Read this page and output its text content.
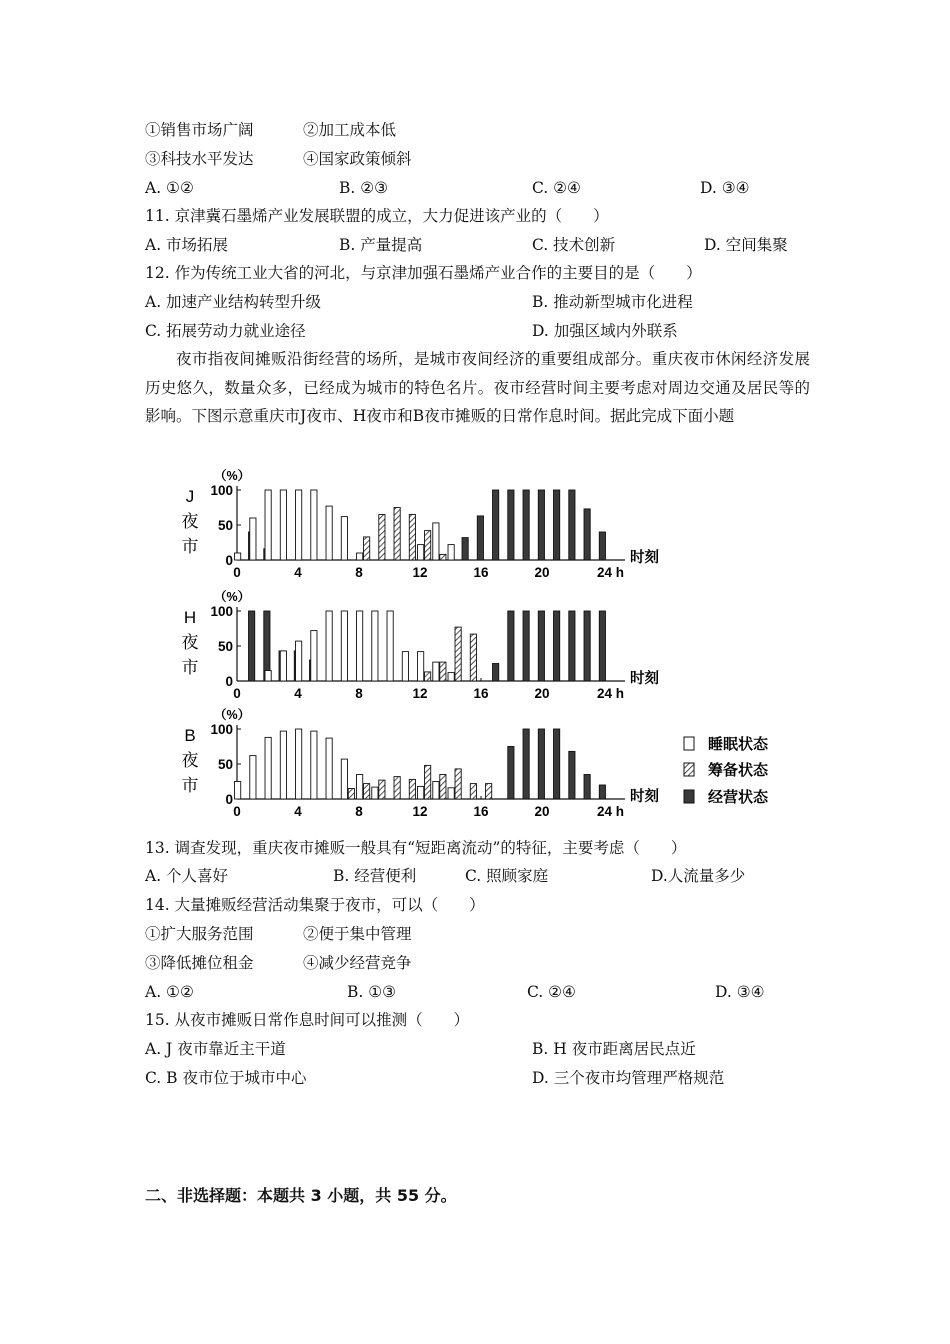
①销售市场广阔	②加工成本低
③科技水平发达	④国家政策倾斜
A. ①②	B. ②③	C. ②④	D. ③④
11. 京津冀石墨烯产业发展联盟的成立，大力促进该产业的（　　）
A. 市场拓展	B. 产量提高	C. 技术创新	D. 空间集聚
12. 作为传统工业大省的河北，与京津加强石墨烯产业合作的主要目的是（　　）
A. 加速产业结构转型升级	B. 推动新型城市化进程
C. 拓展劳动力就业途径	D. 加强区域内外联系
夜市指夜间摊贩沿街经营的场所，是城市夜间经济的重要组成部分。重庆夜市休闲经济发展历史悠久，数量众多，已经成为城市的特色名片。夜市经营时间主要考虑对周边交通及居民等的影响。下图示意重庆市J夜市、H夜市和B夜市摊贩的日常作息时间。据此完成下面小题
J
夜
市
（%）
0
50
100
0	4	8	12	16	20	24 h
时刻
H
夜
市
（%）
0
50
100
0	4	8	12	16	20	24 h
时刻
B
夜
市
（%）
0
50
100
0	4	8	12	16	20	24 h
时刻
睡眠状态
筹备状态
经营状态
13. 调查发现，重庆夜市摊贩一般具有“短距离流动”的特征，主要考虑（　　）
A. 个人喜好	B. 经营便利	C. 照顾家庭	D.人流量多少
14. 大量摊贩经营活动集聚于夜市，可以（　　）
①扩大服务范围	②便于集中管理
③降低摊位租金	④减少经营竞争
A. ①②	B. ①③	C. ②④	D. ③④
15. 从夜市摊贩日常作息时间可以推测（　　）
A. J 夜市靠近主干道	B. H 夜市距离居民点近
C. B 夜市位于城市中心	D. 三个夜市均管理严格规范
二、非选择题：本题共 3 小题，共 55 分。
